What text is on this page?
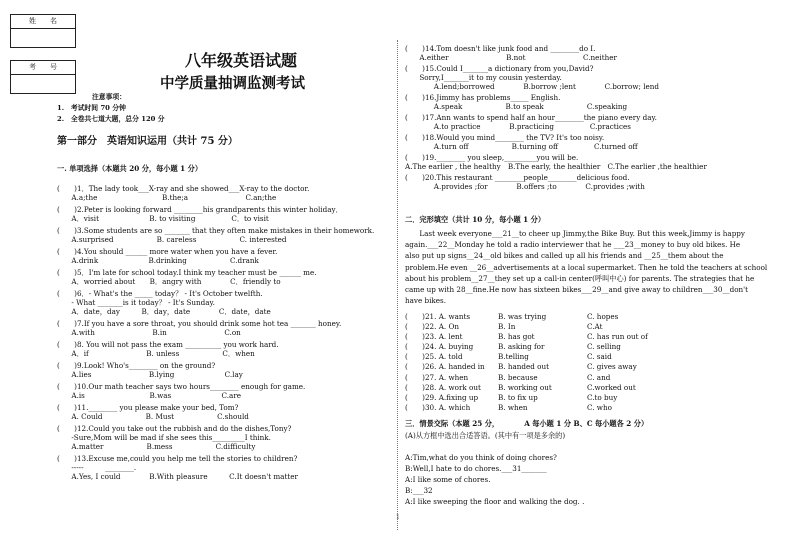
姓　　名
考　　号	八年级英语试题
中学质量抽调监测考试
注意事项：
1.　考试时间 70 分钟
2.　全卷共七道大题，总分 120 分
第一部分　英语知识运用（共计 75 分）
一. 单项选择（本题共 20 分，每小题 1 分）
(　　)1．The lady took___X-ray and she showed___X-ray to the doctor.
　　A.a;the　　　　　　　　　B.the;a　　　　　　　　C.an;the
(　　)2.Peter is looking forward ________his grandparents this winter holiday．
　　A．visit　　　　　　　B. to visiting　　　　　C．to visit
(　　)3.Some students are so _______ that they often make mistakes in their homework.
　　A.surprised　　　　　　B. careless　　　　　　C. interested
(　　)4.You should ______ more water when you have a fever.
　　A.drink　　　　　　　B.drinking　　　　　　C.drank
(　　)5．I'm late for school today.I think my teacher must be ______ me.
　　A．worried about　　B．angry with　　　　C．friendly to
(　　)6．- What's the _____ today？ - It's October twelfth.
　　- What _______is it today？ - It's Sunday.
　　A．date，day　　　B．day，date　　　　C．date，date
(　　)7.If you have a sore throat, you should drink some hot tea _______ honey.
　　A.with　　　　　　　　B.in　　　　　　　　C.on
(　　)8. You will not pass the exam __________ you work hard.
　　A．if　　　　　　　　B. unless　　　　　　C．when
(　　)9.Look! Who's________ on the ground?
　　A.lies　　　　　　　　B.lying　　　　　　　C.lay
(　　)10.Our math teacher says two hours________ enough for game.
　　A.is　　　　　　　　　B.was　　　　　　　C.are
(　　)11.________ you please make your bed, Tom?
　　A. Could　　　　　　B. Must　　　　　　C.should
(　　)12.Could you take out the rubbish and do the dishes,Tony?
　　-Sure,Mom will be mad if she sees this_________I think.
　　A.matter　　　　　　B.mess　　　　　　C.difficulty
(　　)13.Excuse me,could you help me tell the stories to children?
　　-----　　　________.
　　A.Yes, I could　　　　B.With pleasure　　　C.It doesn't matter
(　　)14.Tom doesn't like junk food and ________do I.
　　A.either　　　　　　　　B.not　　　　　　　　C.neither
(　　)15.Could I_______a dictionary from you,David?
　　Sorry,I_______it to my cousin yesterday.
　　　　A.lend;borrowed　　　　B.borrow ;lent　　　　C.borrow; lend
(　　)16.Jimmy has problems_____ English.
　　　　A.speak　　　　　　B.to speak　　　　　　C.speaking
(　　)17.Ann wants to spend half an hour________the piano every day.
　　　　A.to practice　　　　B.practicing　　　　　C.practices
(　　)18.Would you mind________ the TV? It's too noisy.
　　　　A.turn off　　　　　　B.turning off　　　　　C.turned off
(　　)19.________ you sleep,_________you will be.
A.The earlier , the healthy　B.The early, the healthier　C.The earlier ,the healthier
(　　)20.This restaurant ________people________delicious food.
　　　　A.provides ;for　　　　B.offers ;to　　　　C.provides ;with
二．完形填空（共计 10 分，每小题 1 分）
　　Last week everyone___21__to cheer up Jimmy,the Bike Buy. But this week,Jimmy is happy
again.___22__Monday he told a radio interviewer that he ___23__money to buy old bikes. He
also put up signs__24__old bikes and called up all his friends and __25__them about the
problem.He even __26__advertisements at a local supermarket. Then he told the teachers at school
about his problem__27__they set up a call-in center(呼叫中心) for parents. The strategies that he
came up with 28__fine.He now has sixteen bikes___29__and give away to children___30__don't
have bikes.
(　　)21. A. wants	B. was trying	C. hopes
(　　)22. A. On	B. In	C.At
(　　)23. A. lent	B. has got	C. has run out of
(　　)24. A. buying	B. asking for	C. selling
(　　)25. A. told	B.telling	C. said
(　　)26. A. handed in B. handed out	C. gives away
(　　)27. A. when	B. because	C. and
(　　)28. A. work out B. working out	C.worked out
(　　)29. A.fixing up	B. to fix up	C.to buy
(　　)30. A. which	B. when	C. who
三．情景交际（本题 25 分，　　　　A 每小题 1 分 B、C 每小题各 2 分）
(A)从方框中选出合适答语。(其中有一项是多余的)
A:Tim,what do you think of doing chores?
B:Well,I hate to do chores.___31_______
A:I like some of chores.
B:___32
A:I like sweeping the floor and walking the dog. .
1
